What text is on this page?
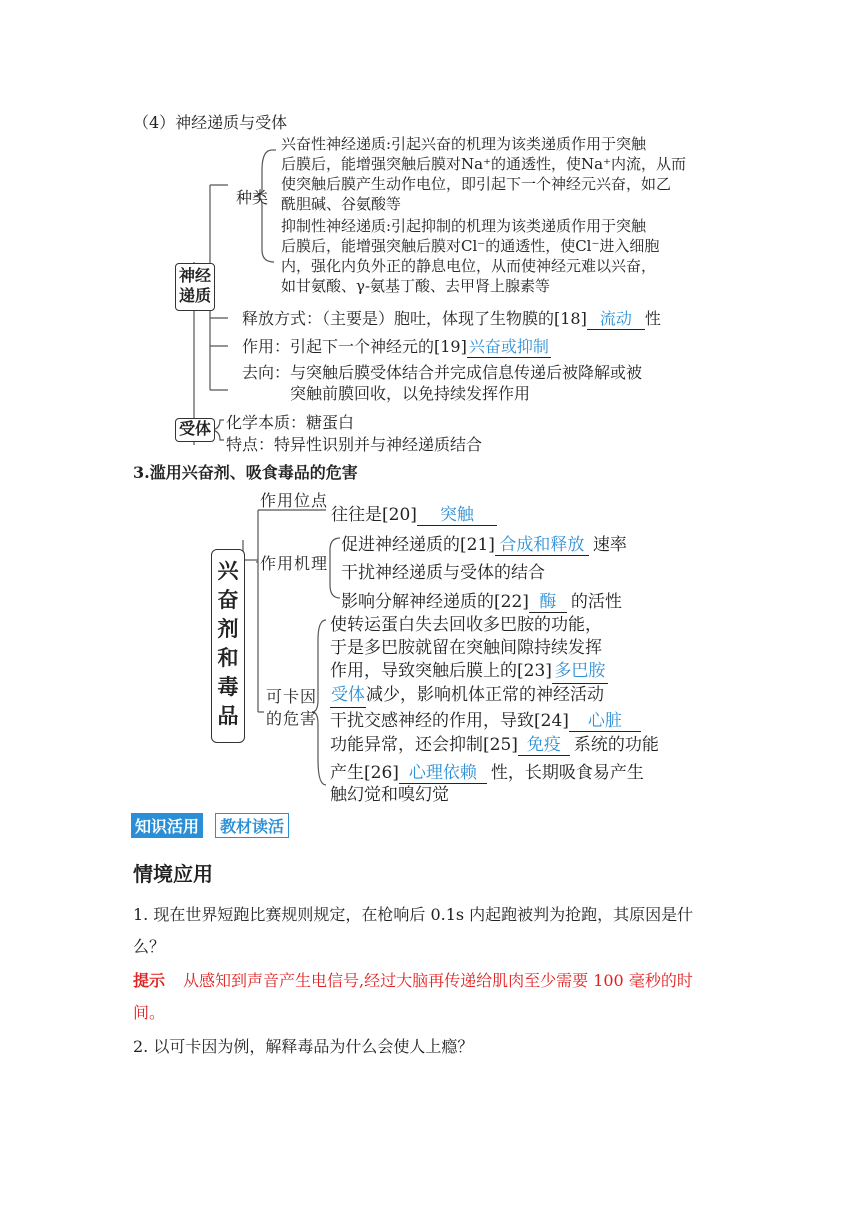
（4）神经递质与受体
神经
递质
种类
兴奋性神经递质:引起兴奋的机理为该类递质作用于突触
后膜后，能增强突触后膜对Na⁺的通透性，使Na⁺内流，从而
使突触后膜产生动作电位，即引起下一个神经元兴奋，如乙
酰胆碱、谷氨酸等
抑制性神经递质:引起抑制的机理为该类递质作用于突触
后膜后，能增强突触后膜对Cl⁻的通透性，使Cl⁻进入细胞
内，强化内负外正的静息电位，从而使神经元难以兴奋，
如甘氨酸、γ-氨基丁酸、去甲肾上腺素等
释放方式：（主要是）胞吐，体现了生物膜的[18] 流动 性
作用：引起下一个神经元的[19] 兴奋或抑制
去向：与突触后膜受体结合并完成信息传递后被降解或被
突触前膜回收，以免持续发挥作用
受体 化学本质：糖蛋白
特点：特异性识别并与神经递质结合
3.滥用兴奋剂、吸食毒品的危害
兴
奋
剂
和
毒
品
作用位点
往往是[20] 突触
作用机理
促进神经递质的[21] 合成和释放 速率
干扰神经递质与受体的结合
影响分解神经递质的[22] 酶 的活性
可卡因
的危害
使转运蛋白失去回收多巴胺的功能，
于是多巴胺就留在突触间隙持续发挥
作用，导致突触后膜上的[23] 多巴胺
受体减少，影响机体正常的神经活动
干扰交感神经的作用，导致[24] 心脏
功能异常，还会抑制[25] 免疫 系统的功能
产生[26] 心理依赖 性，长期吸食易产生
触幻觉和嗅幻觉
知识活用	教材读活
情境应用
1. 现在世界短跑比赛规则规定，在枪响后 0.1s 内起跑被判为抢跑，其原因是什
么？
提示 从感知到声音产生电信号,经过大脑再传递给肌肉至少需要 100 毫秒的时
间。
2. 以可卡因为例，解释毒品为什么会使人上瘾？
